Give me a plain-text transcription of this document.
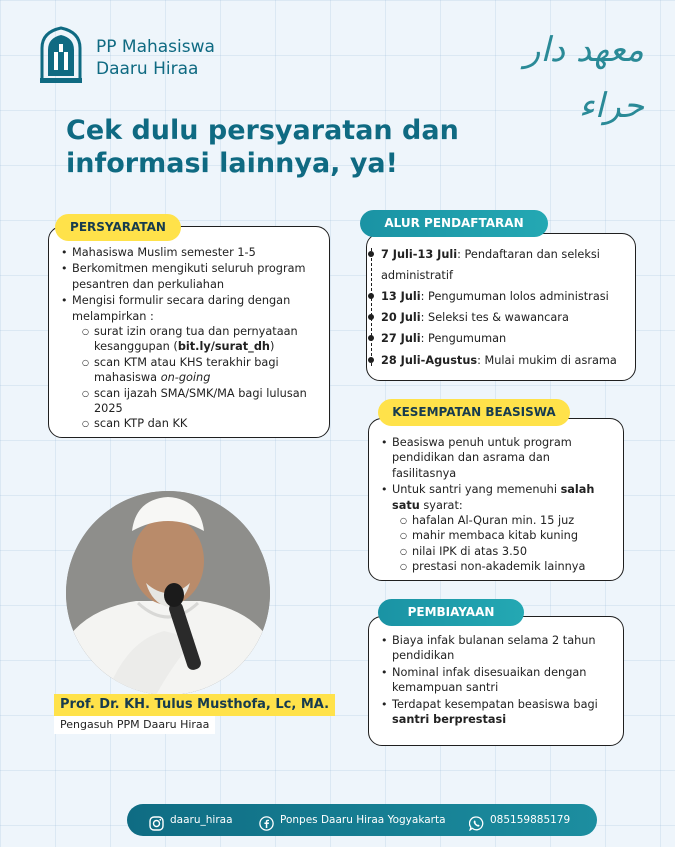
PP Mahasiswa
Daaru Hiraa	معهد دار حراء
Cek dulu persyaratan dan
informasi lainnya, ya!
• Mahasiswa Muslim semester 1-5
• Berkomitmen mengikuti seluruh program pesantren dan perkuliahan
• Mengisi formulir secara daring dengan melampirkan :
○ surat izin orang tua dan pernyataan kesanggupan (bit.ly/surat_dh)
○ scan KTM atau KHS terakhir bagi mahasiswa on-going
○ scan ijazah SMA/SMK/MA bagi lulusan 2025
○ scan KTP dan KK
PERSYARATAN
7 Juli-13 Juli: Pendaftaran dan seleksi administratif
13 Juli: Pengumuman lolos administrasi
20 Juli: Seleksi tes & wawancara
27 Juli: Pengumuman
28 Juli-Agustus: Mulai mukim di asrama
ALUR PENDAFTARAN
• Beasiswa penuh untuk program pendidikan dan asrama dan fasilitasnya
• Untuk santri yang memenuhi salah satu syarat:
○ hafalan Al-Quran min. 15 juz
○ mahir membaca kitab kuning
○ nilai IPK di atas 3.50
○ prestasi non-akademik lainnya
KESEMPATAN BEASISWA
• Biaya infak bulanan selama 2 tahun pendidikan
• Nominal infak disesuaikan dengan kemampuan santri
• Terdapat kesempatan beasiswa bagi santri berprestasi
PEMBIAYAAN
Prof. Dr. KH. Tulus Musthofa, Lc, MA.
Pengasuh PPM Daaru Hiraa
daaru_hiraa	Ponpes Daaru Hiraa Yogyakarta	085159885179
